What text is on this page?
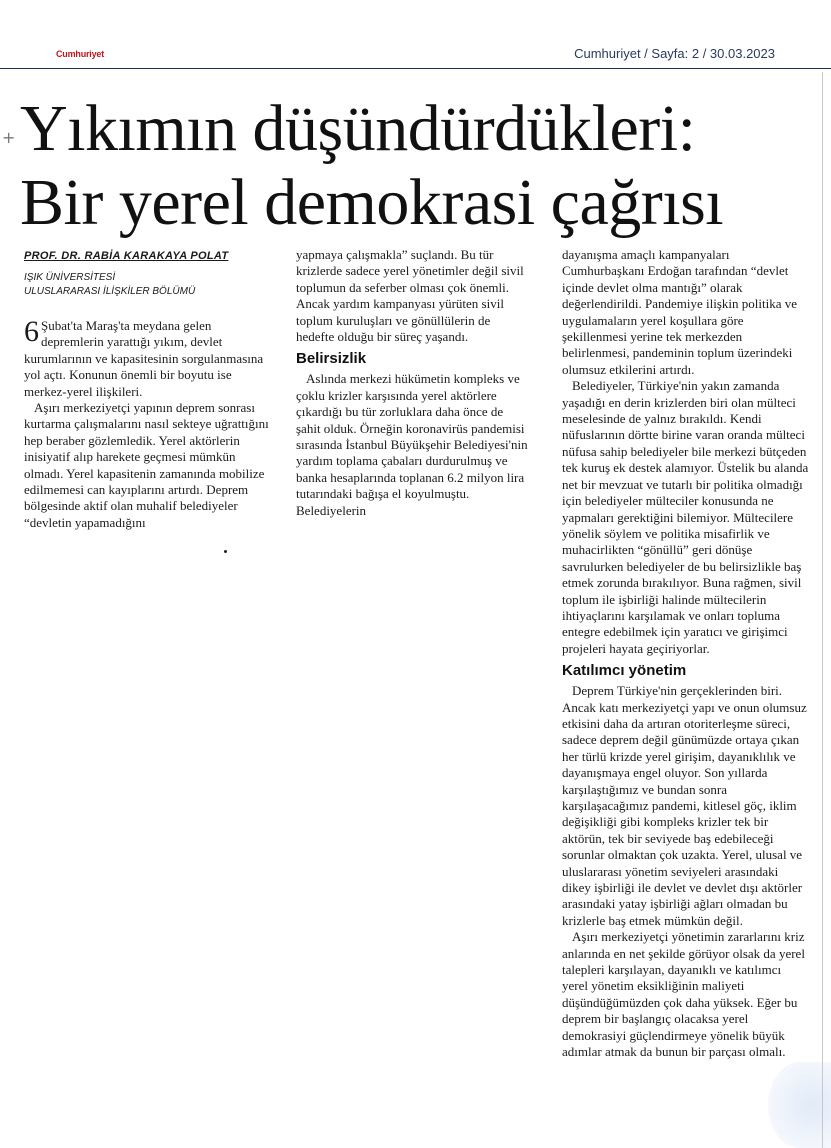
Cumhuriyet	Cumhuriyet / Sayfa: 2 / 30.03.2023
+ Yıkımın düşündürdükleri:
Bir yerel demokrasi çağrısı
PROF. DR. RABİA KARAKAYA POLAT
IŞIK ÜNİVERSİTESİ
ULUSLARARASI İLİŞKİLER BÖLÜMÜ

6 Şubat'ta Maraş'ta meydana gelen depremlerin yarattığı yıkım, devlet kurumlarının ve kapasitesinin sorgulanmasına yol açtı. Konunun önemli bir boyutu ise merkez-yerel ilişkileri.

Aşırı merkeziyetçi yapının deprem sonrası kurtarma çalışmalarını nasıl sekteye uğrattığını hep beraber gözlemledik. Yerel aktörlerin inisiyatif alıp harekete geçmesi mümkün olmadı. Yerel kapasitenin zamanında mobilize edilmemesi can kayıplarını artırdı. Deprem bölgesinde aktif olan muhalif belediyeler “devletin yapamadığını

yapmaya çalışmakla” suçlandı. Bu tür krizlerde sadece yerel yönetimler değil sivil toplumun da seferber olması çok önemli. Ancak yardım kampanyası yürüten sivil toplum kuruluşları ve gönüllülerin de hedefte olduğu bir süreç yaşandı.

Belirsizlik

Aslında merkezi hükümetin kompleks ve çoklu krizler karşısında yerel aktörlere çıkardığı bu tür zorluklara daha önce de şahit olduk. Örneğin koronavirüs pandemisi sırasında İstanbul Büyükşehir Belediyesi'nin yardım toplama çabaları durdurulmuş ve banka hesaplarında toplanan 6.2 milyon lira tutarındaki bağışa el koyulmuştu. Belediyelerin

dayanışma amaçlı kampanyaları Cumhurbaşkanı Erdoğan tarafından “devlet içinde devlet olma mantığı” olarak değerlendirildi. Pandemiye ilişkin politika ve uygulamaların yerel koşullara göre şekillenmesi yerine tek merkezden belirlenmesi, pandeminin toplum üzerindeki olumsuz etkilerini artırdı.

Belediyeler, Türkiye'nin yakın zamanda yaşadığı en derin krizlerden biri olan mülteci meselesinde de yalnız bırakıldı. Kendi nüfuslarının dörtte birine varan oranda mülteci nüfusa sahip belediyeler bile merkezi bütçeden tek kuruş ek destek alamıyor. Üstelik bu alanda net bir mevzuat ve tutarlı bir politika olmadığı için belediyeler mülteciler konusunda ne yapmaları gerektiğini bilemiyor. Mültecilere yönelik söylem ve politika misafirlik ve muhacirlikten “gönüllü” geri dönüşe savrulurken belediyeler de bu belirsizlikle baş etmek zorunda bırakılıyor. Buna rağmen, sivil toplum ile işbirliği halinde mültecilerin ihtiyaçlarını karşılamak ve onları topluma entegre edebilmek için yaratıcı ve girişimci projeleri hayata geçiriyorlar.

Katılımcı yönetim

Deprem Türkiye'nin gerçeklerinden biri. Ancak katı merkeziyetçi yapı ve onun olumsuz etkisini daha da artıran otoriterleşme süreci, sadece deprem değil günümüzde ortaya çıkan her türlü krizde yerel girişim, dayanıklılık ve dayanışmaya engel oluyor. Son yıllarda karşılaştığımız ve bundan sonra karşılaşacağımız pandemi, kitlesel göç, iklim değişikliği gibi kompleks krizler tek bir aktörün, tek bir seviyede baş edebileceği sorunlar olmaktan çok uzakta. Yerel, ulusal ve uluslararası yönetim seviyeleri arasındaki dikey işbirliği ile devlet ve devlet dışı aktörler arasındaki yatay işbirliği ağları olmadan bu krizlerle baş etmek mümkün değil.

Aşırı merkeziyetçi yönetimin zararlarını kriz anlarında en net şekilde görüyor olsak da yerel talepleri karşılayan, dayanıklı ve katılımcı yerel yönetim eksikliğinin maliyeti düşündüğümüzden çok daha yüksek. Eğer bu deprem bir başlangıç olacaksa yerel demokrasiyi güçlendirmeye yönelik büyük adımlar atmak da bunun bir parçası olmalı.
